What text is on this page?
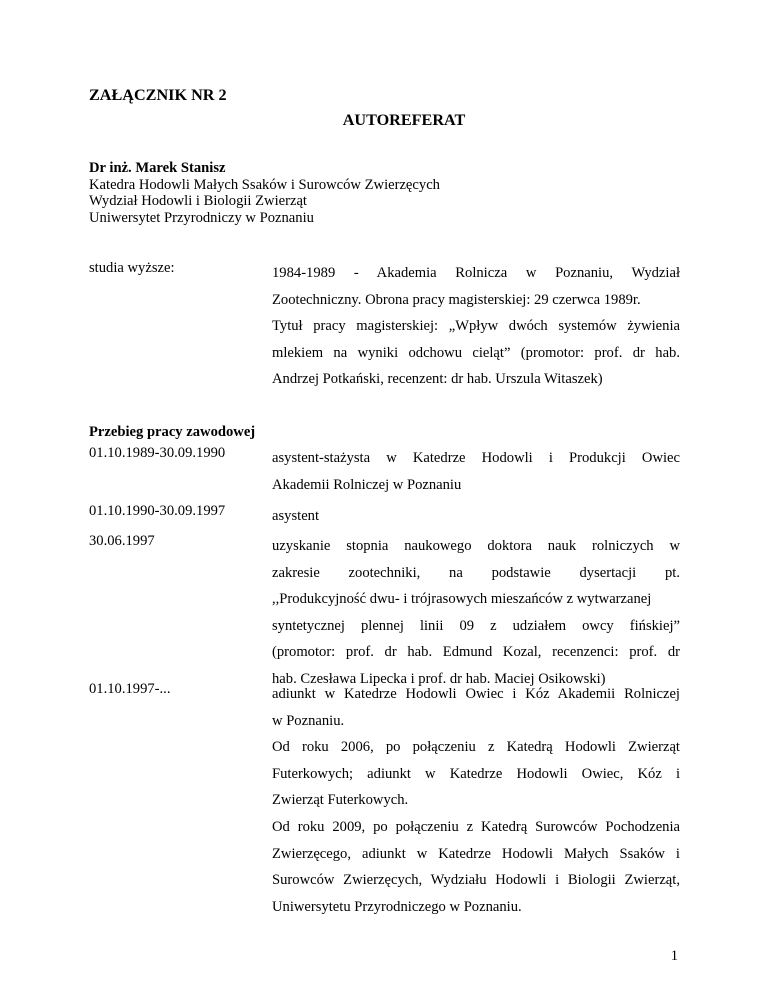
ZAŁĄCZNIK NR 2
AUTOREFERAT
Dr inż. Marek Stanisz
Katedra Hodowli Małych Ssaków i Surowców Zwierzęcych
Wydział Hodowli i Biologii Zwierząt
Uniwersytet Przyrodniczy w Poznaniu
studia wyższe:	1984-1989 - Akademia Rolnicza w Poznaniu, Wydział
Zootechniczny. Obrona pracy magisterskiej: 29 czerwca 1989r.
Tytuł pracy magisterskiej: „Wpływ dwóch systemów żywienia
mlekiem na wyniki odchowu cieląt” (promotor: prof. dr hab.
Andrzej Potkański, recenzent: dr hab. Urszula Witaszek)
Przebieg pracy zawodowej
01.10.1989-30.09.1990	asystent-stażysta w Katedrze Hodowli i Produkcji Owiec
Akademii Rolniczej w Poznaniu
01.10.1990-30.09.1997	asystent
30.06.1997	uzyskanie stopnia naukowego doktora nauk rolniczych w
zakresie zootechniki, na podstawie dysertacji pt.
,,Produkcyjność dwu- i trójrasowych mieszańców z wytwarzanej
syntetycznej plennej linii 09 z udziałem owcy fińskiej”
(promotor: prof. dr hab. Edmund Kozal, recenzenci: prof. dr
hab. Czesława Lipecka i prof. dr hab. Maciej Osikowski)
01.10.1997-...	adiunkt w Katedrze Hodowli Owiec i Kóz Akademii Rolniczej
w Poznaniu.
Od roku 2006, po połączeniu z Katedrą Hodowli Zwierząt
Futerkowych; adiunkt w Katedrze Hodowli Owiec, Kóz i
Zwierząt Futerkowych.
Od roku 2009, po połączeniu z Katedrą Surowców Pochodzenia
Zwierzęcego, adiunkt w Katedrze Hodowli Małych Ssaków i
Surowców Zwierzęcych, Wydziału Hodowli i Biologii Zwierząt,
Uniwersytetu Przyrodniczego w Poznaniu.
1
